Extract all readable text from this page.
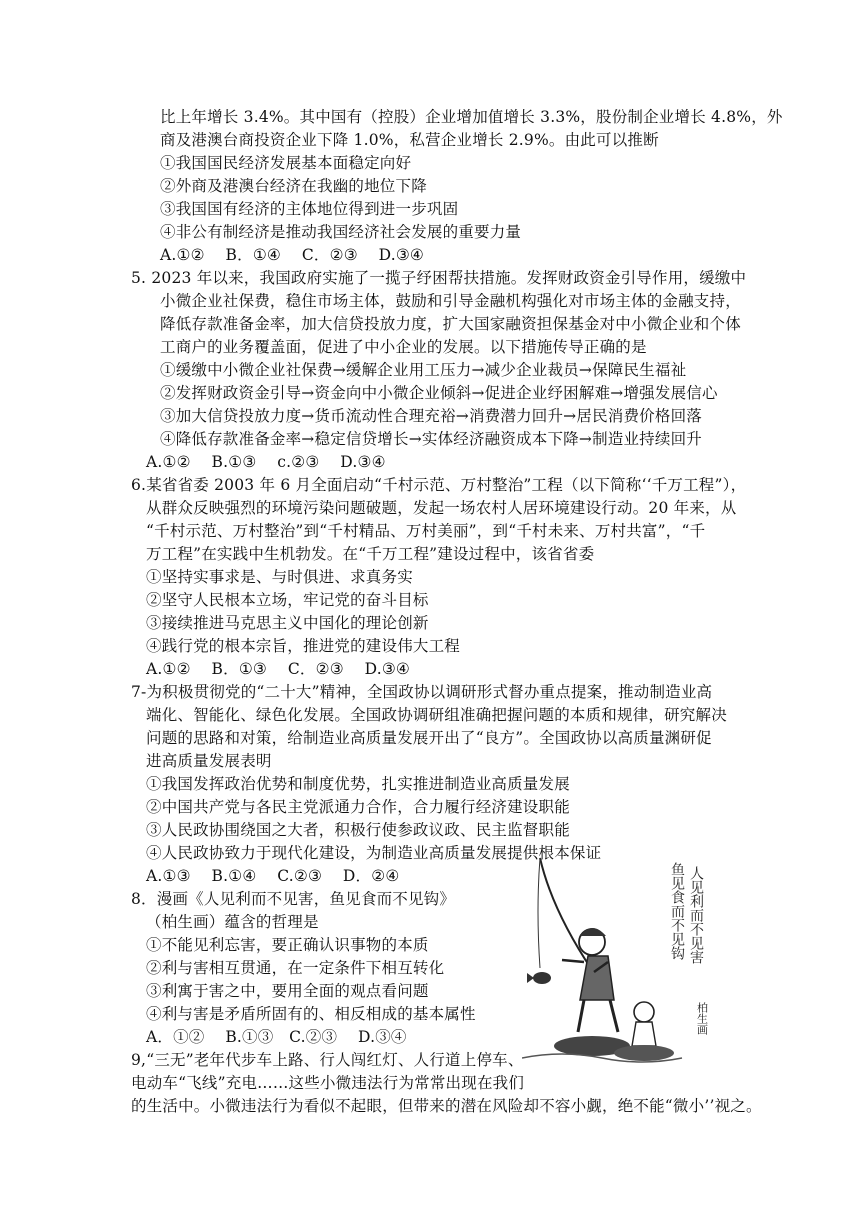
比上年增长 3.4%。其中国有（控股）企业增加值增长 3.3%，股份制企业增长 4.8%，外
商及港澳台商投资企业下降 1.0%，私营企业增长 2.9%。由此可以推断
①我国国民经济发展基本面稳定向好
②外商及港澳台经济在我幽的地位下降
③我国国有经济的主体地位得到进一步巩固
④非公有制经济是推动我国经济社会发展的重要力量
A.①②　 B．①④　 C．②③　 D.③④
5. 2023 年以来，我国政府实施了一揽子纾困帮扶措施。发挥财政资金引导作用，缓缴中
小微企业社保费，稳住市场主体，鼓励和引导金融机构强化对市场主体的金融支持，
降低存款准备金率，加大信贷投放力度，扩大国家融资担保基金对中小微企业和个体
工商户的业务覆盖面，促进了中小企业的发展。以下措施传导正确的是
①缓缴中小微企业社保费→缓解企业用工压力→减少企业裁员→保障民生福祉
②发挥财政资金引导→资金向中小微企业倾斜→促进企业纾困解难→增强发展信心
③加大信贷投放力度→货币流动性合理充裕→消费潜力回升→居民消费价格回落
④降低存款准备金率→稳定信贷增长→实体经济融资成本下降→制造业持续回升
A.①②　 B.①③　 c.②③　 D.③④
6.某省省委 2003 年 6 月全面启动“千村示范、万村整治”工程（以下简称‘‘千万工程”），
从群众反映强烈的环境污染问题破题，发起一场农村人居环境建设行动。20 年来，从
“千村示范、万村整治”到“千村精品、万村美丽”，到“千村未来、万村共富”，“千
万工程”在实践中生机勃发。在“千万工程”建设过程中，该省省委
①坚持实事求是、与时俱进、求真务实
②坚守人民根本立场，牢记党的奋斗目标
③接续推进马克思主义中国化的理论创新
④践行党的根本宗旨，推进党的建设伟大工程
A.①②　 B．①③　 C．②③　 D.③④
7-为积极贯彻党的“二十大”精神，全国政协以调研形式督办重点提案，推动制造业高
端化、智能化、绿色化发展。全国政协调研组准确把握问题的本质和规律，研究解决
问题的思路和对策，给制造业高质量发展开出了“良方”。全国政协以高质量渊研促
进高质量发展表明
①我国发挥政治优势和制度优势，扎实推进制造业高质量发展
②中国共产党与各民主党派通力合作，合力履行经济建设职能
③人民政协围绕国之大者，积极行使参政议政、民主监督职能
④人民政协致力于现代化建设，为制造业高质量发展提供根本保证
A.①③　 B.①④　 C.②③　 D．②④
8．漫画《人见利而不见害，鱼见食而不见钩》
（柏生画）蕴含的哲理是
①不能见利忘害，要正确认识事物的本质
②利与害相互贯通，在一定条件下相互转化
③利寓于害之中，要用全面的观点看问题
④利与害是矛盾所固有的、相反相成的基本属性
A．①②　 B.①③　C.②③　 D.③④
人见利而不见害
鱼见食而不见钩
柏生画
9,“三无”老年代步车上路、行人闯红灯、人行道上停车、
电动车“飞线”充电……这些小微违法行为常常出现在我们
的生活中。小微违法行为看似不起眼，但带来的潜在风险却不容小觑，绝不能“微小’’视之。
